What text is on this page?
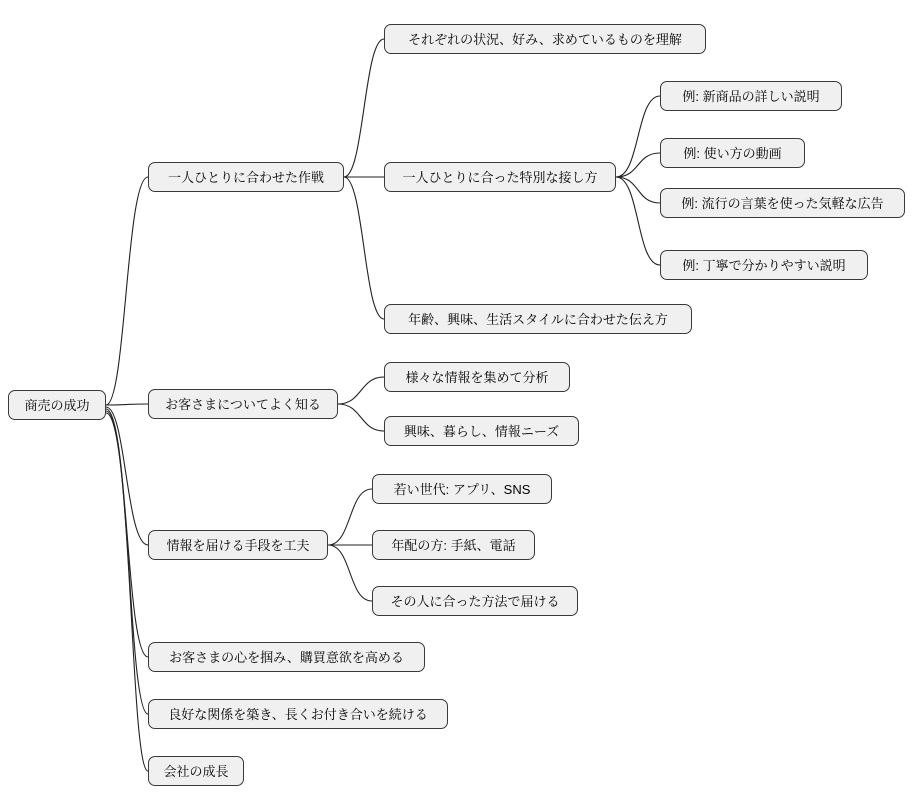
商売の成功
一人ひとりに合わせた作戦
お客さまについてよく知る
情報を届ける手段を工夫
お客さまの心を掴み、購買意欲を高める
良好な関係を築き、長くお付き合いを続ける
会社の成長
それぞれの状況、好み、求めているものを理解
一人ひとりに合った特別な接し方
年齢、興味、生活スタイルに合わせた伝え方
例: 新商品の詳しい説明
例: 使い方の動画
例: 流行の言葉を使った気軽な広告
例: 丁寧で分かりやすい説明
様々な情報を集めて分析
興味、暮らし、情報ニーズ
若い世代: アプリ、SNS
年配の方: 手紙、電話
その人に合った方法で届ける
